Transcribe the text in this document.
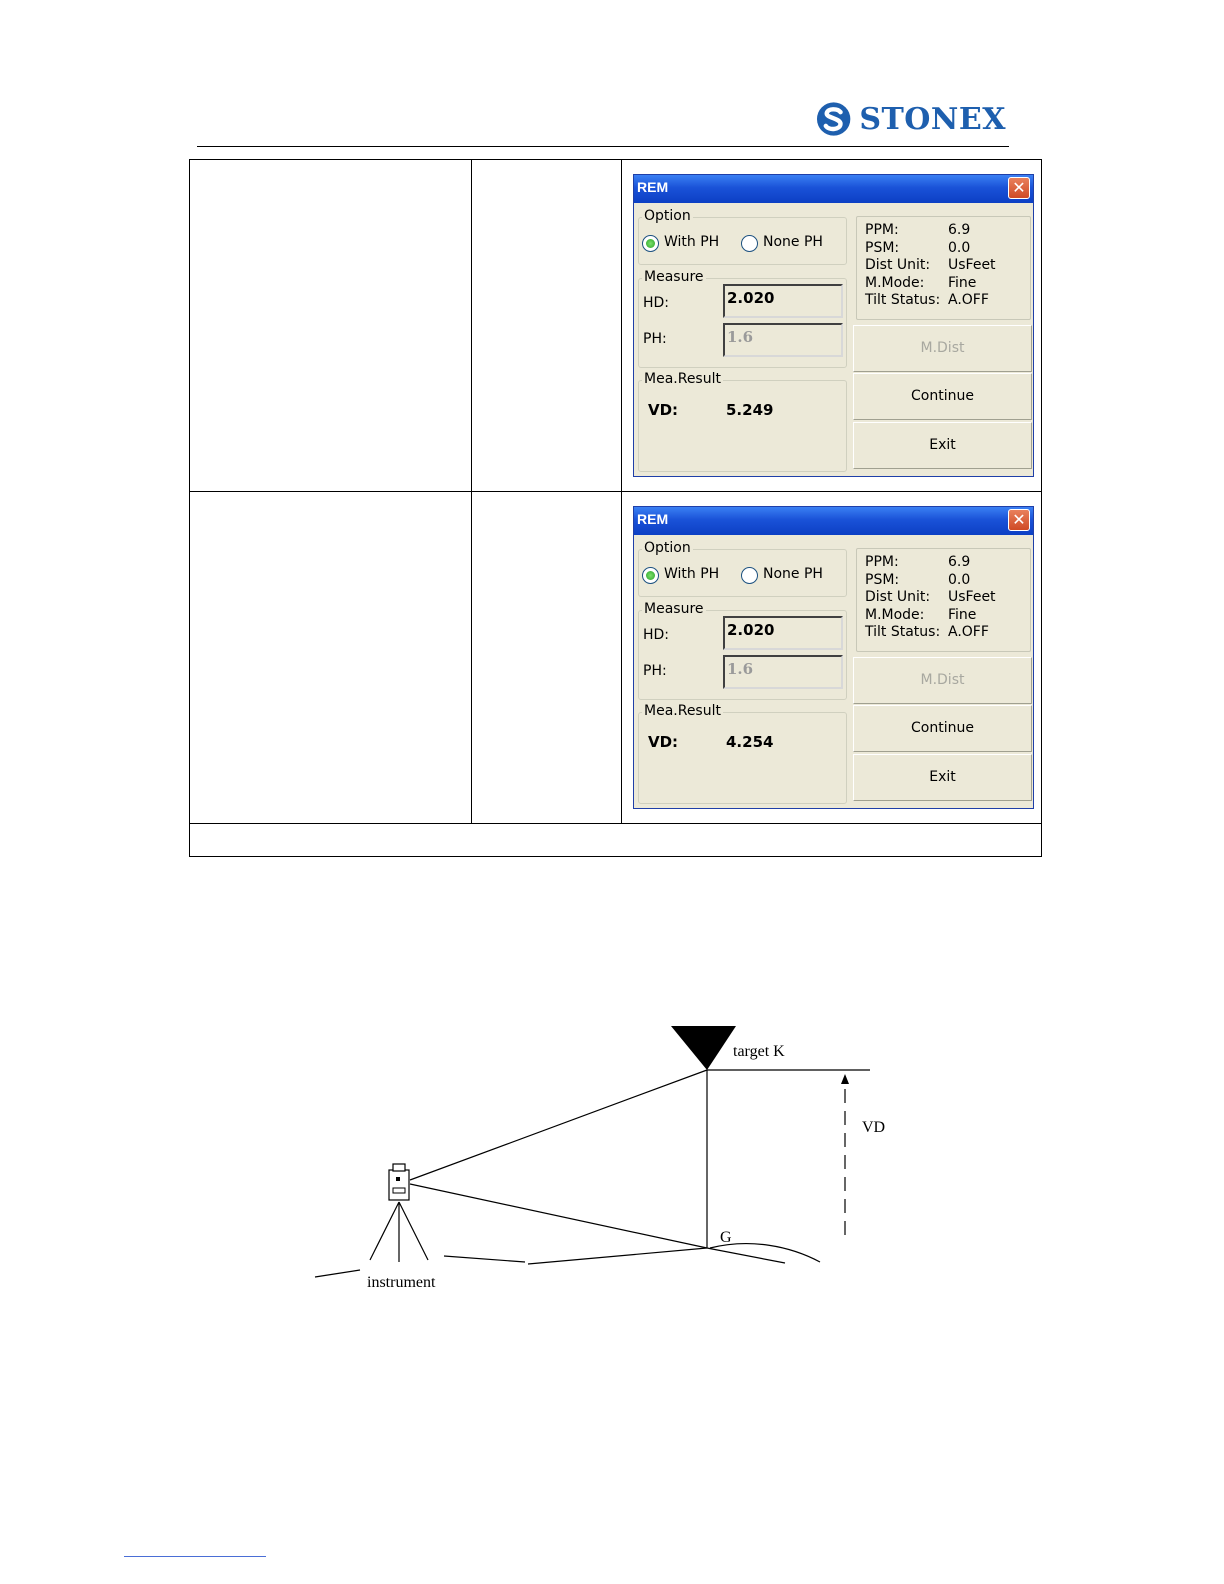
STONEX
REM	✕
Option
With PH	None PH
Measure
HD:	2.020
PH:	1.6
Mea.Result
VD:	5.249
PPM:	6.9
PSM:	0.0
Dist Unit:	UsFeet
M.Mode:	Fine
Tilt Status: A.OFF
M.Dist
Continue
Exit
REM	✕
Option
With PH	None PH
Measure
HD:	2.020
PH:	1.6
Mea.Result
VD:	4.254
PPM:	6.9
PSM:	0.0
Dist Unit:	UsFeet
M.Mode:	Fine
Tilt Status: A.OFF
M.Dist
Continue
Exit
target K
VD
G
instrument
